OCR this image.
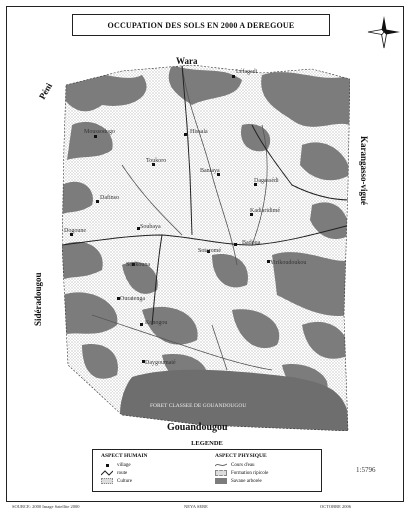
OCCUPATION DES SOLS EN 2000 A DEREGOUE
Léfagadi
Moussodogo	Hissala
Toukoro
Banlaya
Dagassédi
Dafinso
Kadiaridimé
Dogoune
Soubaya
Badoua
Soukouna
Sotaromé
Yirikoudoukou
Ouratenga
Konogou
Daygoumaté
FORET CLASSEE DE GOUANDOUGOU
Wara
Péni
Sidéradougou
Karangasso-vigué
Gouandougou
LEGENDE
ASPECT HUMAIN
village
route
Culture
ASPECT PHYSIQUE
Cours d'eau
Formation ripicole
Savane arborée
1:5796
SOURCE: 2000 Image Satellite 2000	NEYA SERE	OCTOBRE 2006
